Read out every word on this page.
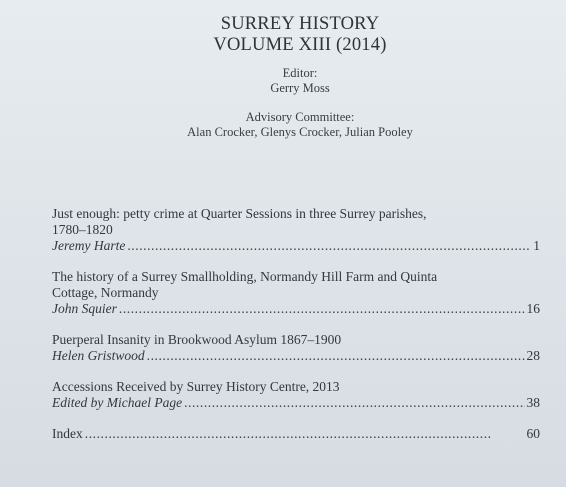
SURREY HISTORY
VOLUME XIII (2014)
Editor:
Gerry Moss
Advisory Committee:
Alan Crocker, Glenys Crocker, Julian Pooley
Just enough: petty crime at Quarter Sessions in three Surrey parishes,
1780–1820
Jeremy Harte . . .	1
The history of a Surrey Smallholding, Normandy Hill Farm and Quinta
Cottage, Normandy
John Squier . . .	16
Puerperal Insanity in Brookwood Asylum 1867–1900
Helen Gristwood . . .	28
Accessions Received by Surrey History Centre, 2013
Edited by Michael Page . . .	38
Index . . .	60
